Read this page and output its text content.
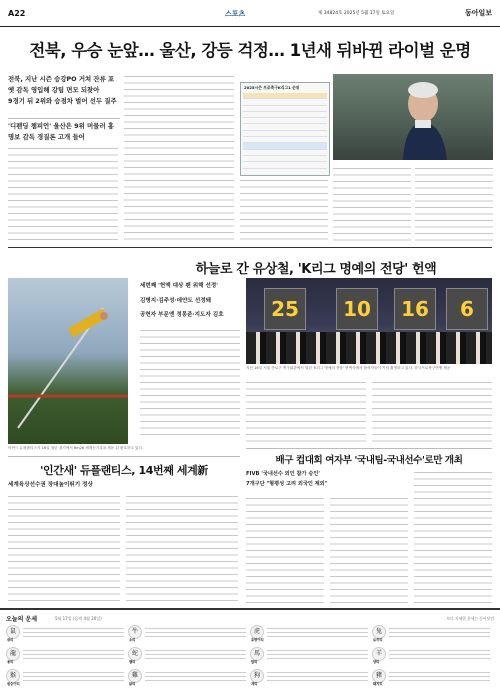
A22	스포츠	제 34824호 2025년 5월 17일 토요일	동아일보
전북, 우승 눈앞… 울산, 강등 걱정… 1년새 뒤바뀐 라이벌 운명
전북, 지난 시즌 승강PO 거쳐 잔류 포옛 감독 영입해 강팀 면모 되찾아
9경기 뒤 2위와 승점차 벌어 선두 질주
'디펜딩 챔피언' 울산은 9위 머물러 홍명보 감독 경질론 고개 들어
2025시즌 프로축구K리그1 순위

하늘로 간 유상철, 'K리그 명예의 전당' 헌액
아먼드 듀플랜티스가 16일 열린 경기에서 6m26 세계신기록을 세운 뒤 환호하고 있다.
세번째 '헌액 대상 팬 위해 선정'
김병지·김주성·데얀도 선정돼
공헌자 부문엔 정몽준·지도자 김호	25	10	16	6
지난 16일 서울 종로구 축구회관에서 열린 'K리그 명예의 전당' 헌액식에서 참석자들이 기념 촬영하고 있다. 한국프로축구연맹 제공
'인간새' 듀플랜티스, 14번째 세계新
세계육상선수권 장대높이뛰기 정상
배구 컵대회 여자부 '국내팀-국내선수'로만 개최
FIVB '국내선수 외인 참가 승인'
7개구단 "형평성 고려 외국인 제외"
오늘의 운세	5월 17일 (음력 4월 20일)	보다 자세한 운세는 동아닷컴
鼠
쥐띠
牛
소띠
虎
호랑이띠
兔
토끼띠
龍
용띠
蛇
뱀띠
馬
말띠
羊
양띠
猴
원숭이띠
雞
닭띠
狗
개띠
豬
돼지띠
